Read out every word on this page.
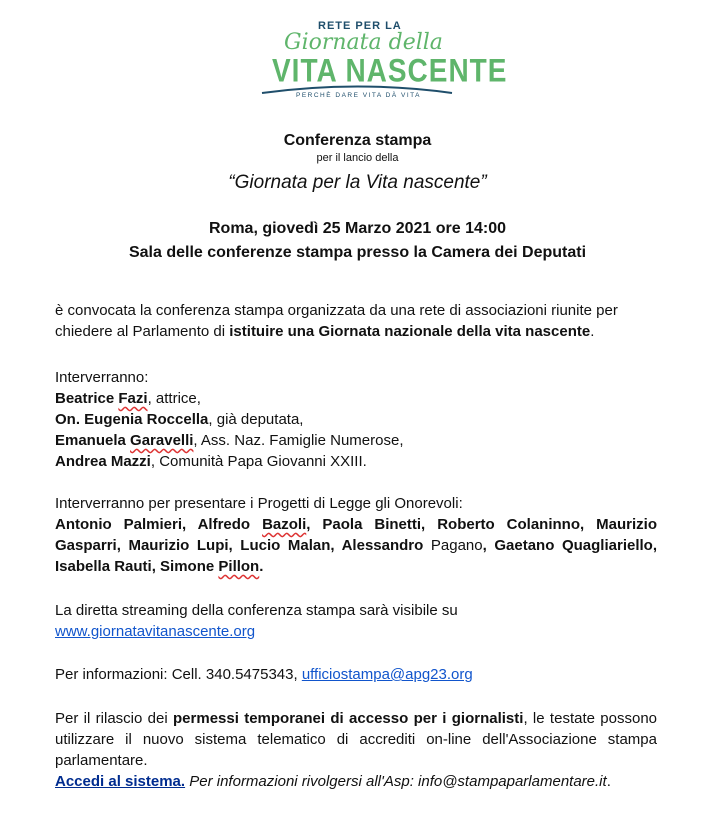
RETE PER LA
Giornata della
VITA NASCENTE
PERCHÈ DARE VITA DÀ VITA
Conferenza stampa
per il lancio della
“Giornata per la Vita nascente”
Roma, giovedì 25 Marzo 2021 ore 14:00
Sala delle conferenze stampa presso la Camera dei Deputati

è convocata la conferenza stampa organizzata da una rete di associazioni riunite per chiedere al Parlamento di istituire una Giornata nazionale della vita nascente.

Interverranno:

Beatrice Fazi, attrice,

On. Eugenia Roccella, già deputata,

Emanuela Garavelli, Ass. Naz. Famiglie Numerose,

Andrea Mazzi, Comunità Papa Giovanni XXIII.

Interverranno per presentare i Progetti di Legge gli Onorevoli:

Antonio Palmieri, Alfredo Bazoli, Paola Binetti, Roberto Colaninno, Maurizio Gasparri, Maurizio Lupi, Lucio Malan, Alessandro Pagano, Gaetano Quagliariello, Isabella Rauti, Simone Pillon.

La diretta streaming della conferenza stampa sarà visibile su

www.giornatavitanascente.org

Per informazioni: Cell. 340.5475343, ufficiostampa@apg23.org

Per il rilascio dei permessi temporanei di accesso per i giornalisti, le testate possono utilizzare il nuovo sistema telematico di accrediti on-line dell'Associazione stampa parlamentare.

Accedi al sistema. Per informazioni rivolgersi all'Asp: info@stampaparlamentare.it.
